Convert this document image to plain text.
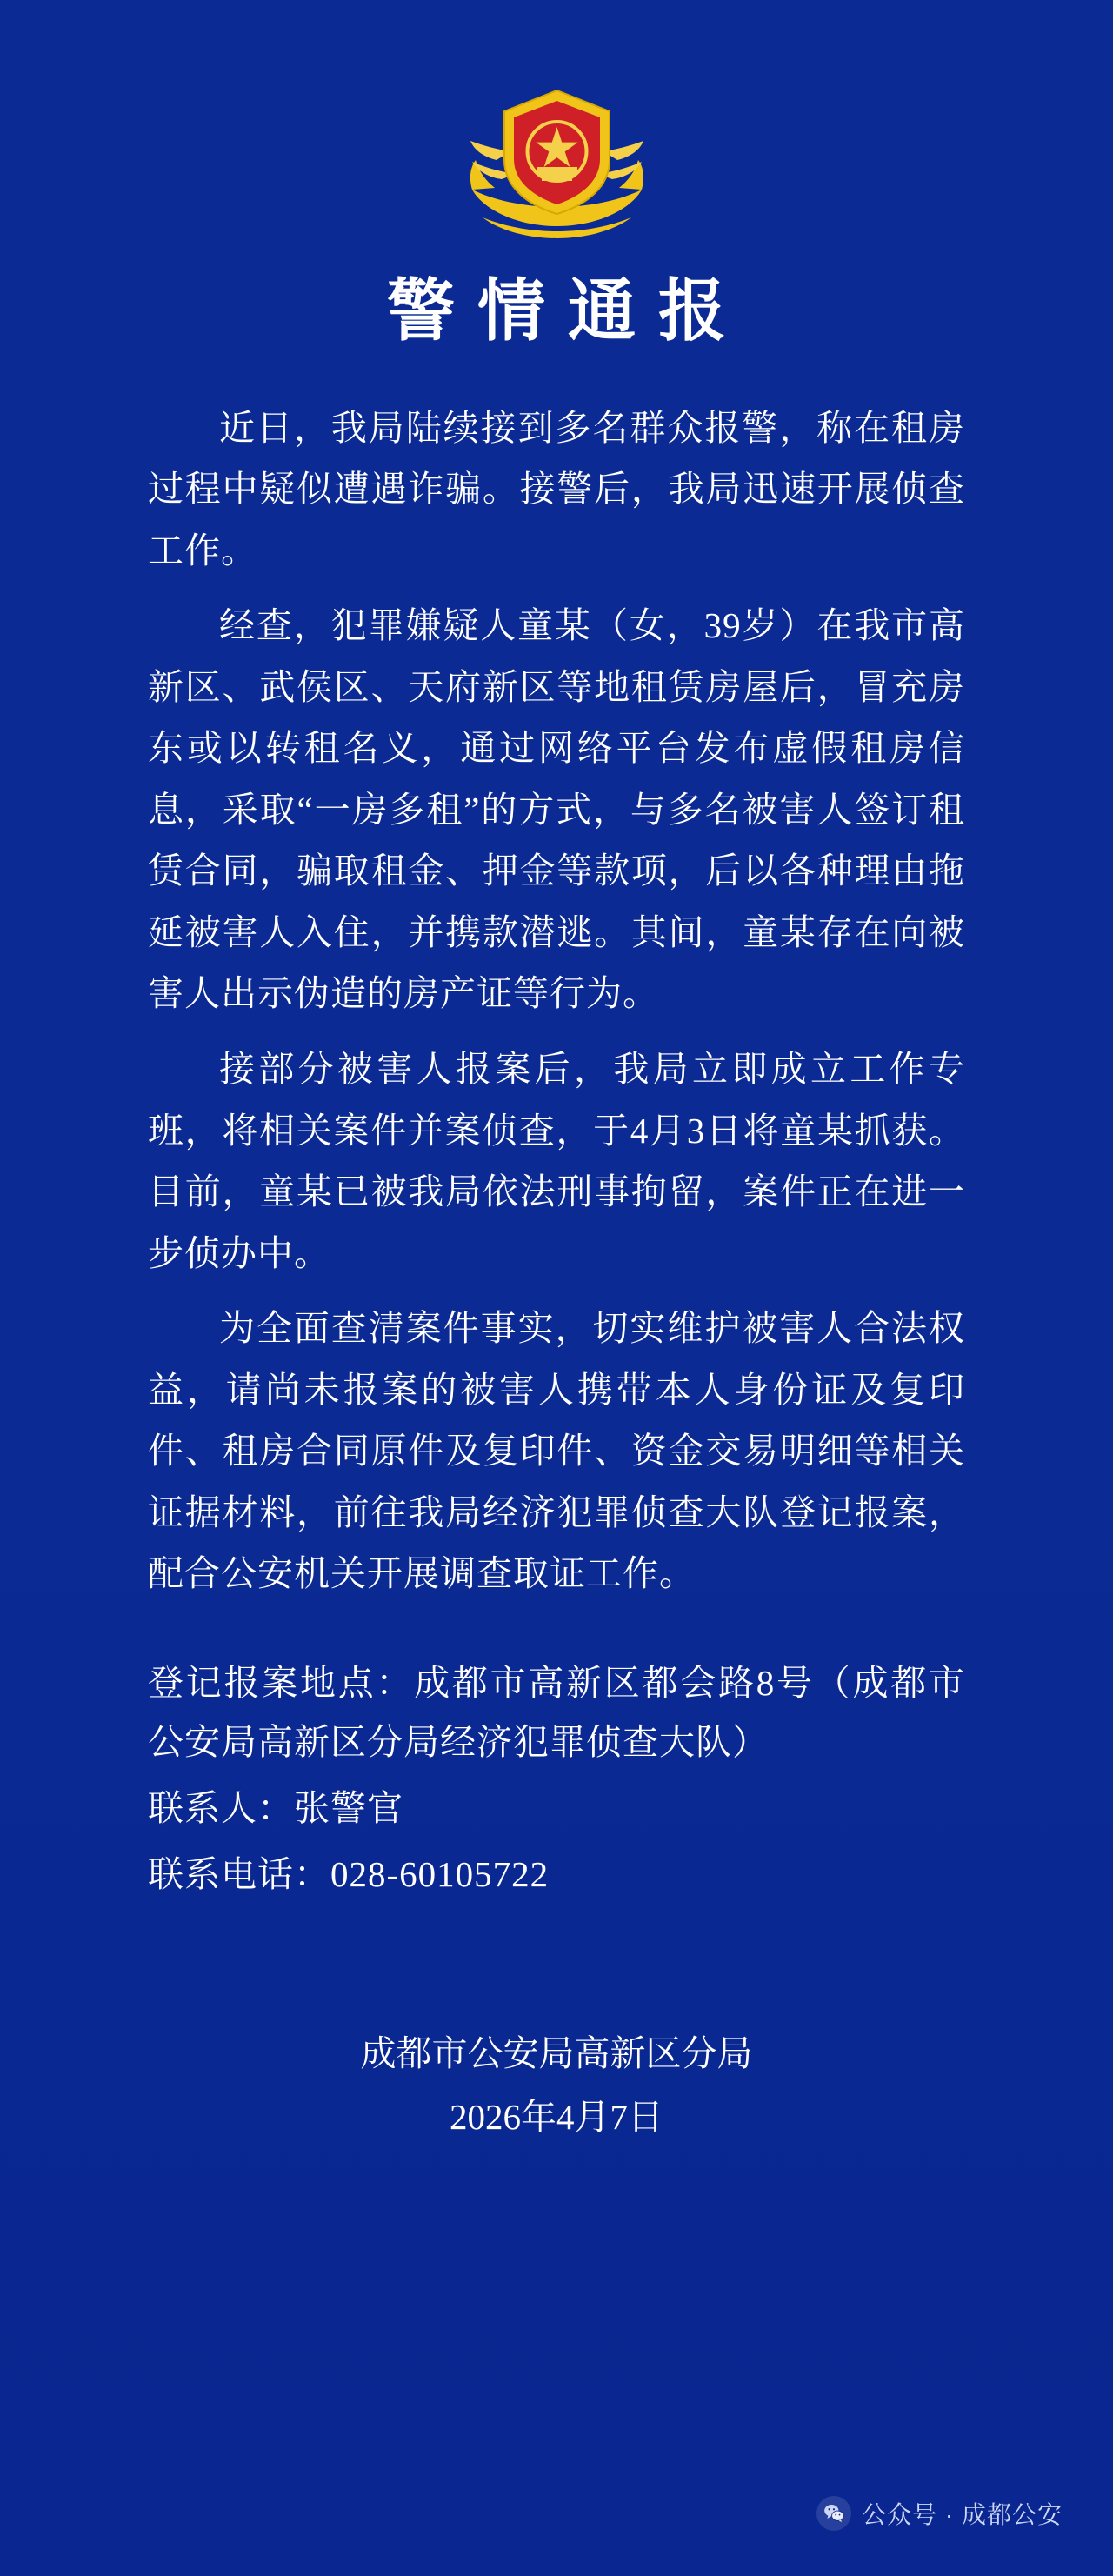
警情通报

近日，我局陆续接到多名群众报警，称在租房过程中疑似遭遇诈骗。接警后，我局迅速开展侦查工作。

经查，犯罪嫌疑人童某（女，39岁）在我市高新区、武侯区、天府新区等地租赁房屋后，冒充房东或以转租名义，通过网络平台发布虚假租房信息，采取“一房多租”的方式，与多名被害人签订租赁合同，骗取租金、押金等款项，后以各种理由拖延被害人入住，并携款潜逃。其间，童某存在向被害人出示伪造的房产证等行为。

接部分被害人报案后，我局立即成立工作专班，将相关案件并案侦查，于4月3日将童某抓获。目前，童某已被我局依法刑事拘留，案件正在进一步侦办中。

为全面查清案件事实，切实维护被害人合法权益，请尚未报案的被害人携带本人身份证及复印件、租房合同原件及复印件、资金交易明细等相关证据材料，前往我局经济犯罪侦查大队登记报案，配合公安机关开展调查取证工作。

登记报案地点：成都市高新区都会路8号（成都市公安局高新区分局经济犯罪侦查大队）

联系人：张警官

联系电话：028-60105722

成都市公安局高新区分局
2026年4月7日
公众号 · 成都公安
